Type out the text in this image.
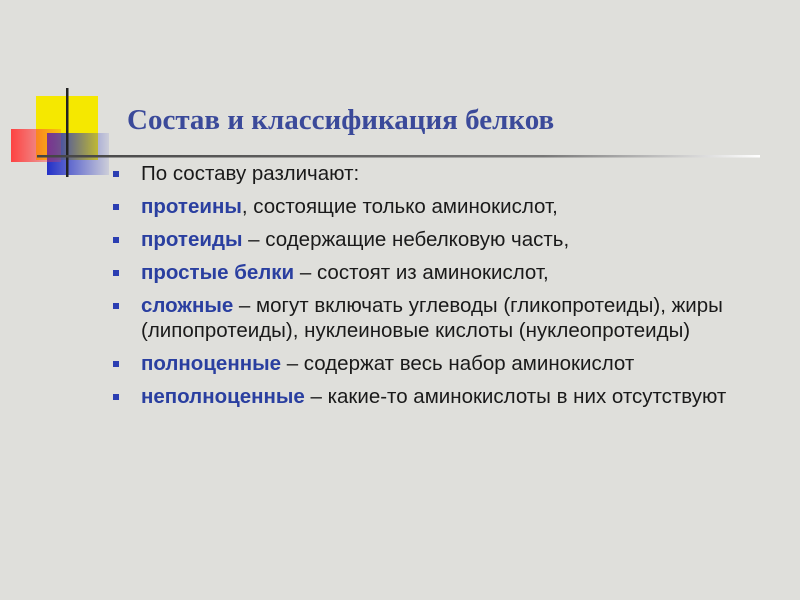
Состав и классификация белков
По составу различают:
протеины, состоящие только аминокислот,
протеиды – содержащие небелковую часть,
простые белки – состоят из аминокислот,
сложные – могут включать углеводы (гликопротеиды), жиры (липопротеиды), нуклеиновые кислоты (нуклеопротеиды)
полноценные – содержат весь набор аминокислот
неполноценные – какие-то аминокислоты в них отсутствуют
